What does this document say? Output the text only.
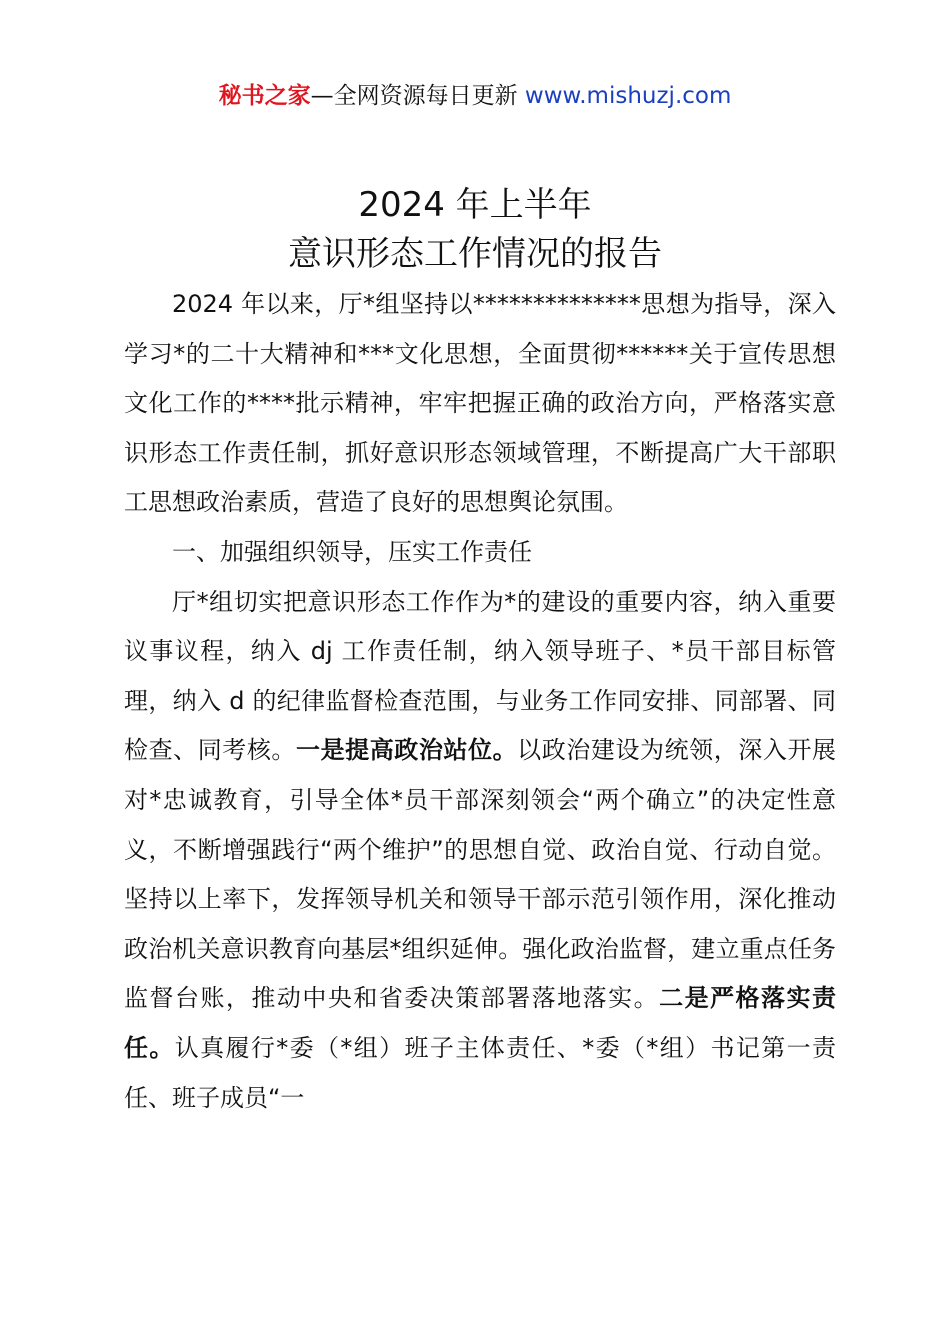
秘书之家—全网资源每日更新 www.mishuzj.com
2024 年上半年
意识形态工作情况的报告

2024 年以来，厅*组坚持以**************思想为指导，深入学习*的二十大精神和***文化思想，全面贯彻******关于宣传思想文化工作的****批示精神，牢牢把握正确的政治方向，严格落实意识形态工作责任制，抓好意识形态领域管理，不断提高广大干部职工思想政治素质，营造了良好的思想舆论氛围。

一、加强组织领导，压实工作责任

厅*组切实把意识形态工作作为*的建设的重要内容，纳入重要议事议程，纳入 dj 工作责任制，纳入领导班子、*员干部目标管理，纳入 d 的纪律监督检查范围，与业务工作同安排、同部署、同检查、同考核。一是提高政治站位。以政治建设为统领，深入开展对*忠诚教育，引导全体*员干部深刻领会“两个确立”的决定性意义，不断增强践行“两个维护”的思想自觉、政治自觉、行动自觉。坚持以上率下，发挥领导机关和领导干部示范引领作用，深化推动政治机关意识教育向基层*组织延伸。强化政治监督，建立重点任务监督台账，推动中央和省委决策部署落地落实。二是严格落实责任。认真履行*委（*组）班子主体责任、*委（*组）书记第一责任、班子成员“一
